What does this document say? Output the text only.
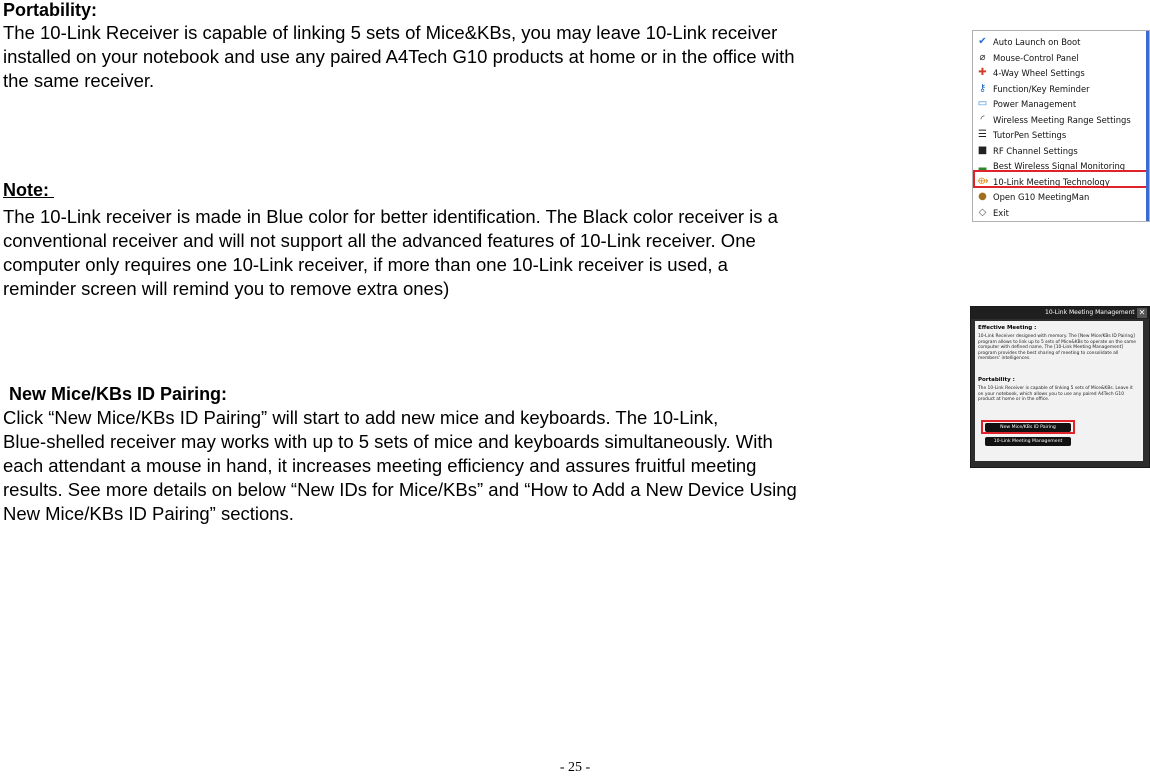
Portability:
The 10-Link Receiver is capable of linking 5 sets of Mice&KBs, you may leave 10-Link receiver
installed on your notebook and use any paired A4Tech G10 products at home or in the office with
the same receiver.
Note:
The 10-Link receiver is made in Blue color for better identification. The Black color receiver is a
conventional receiver and will not support all the advanced features of 10-Link receiver. One
computer only requires one 10-Link receiver, if more than one 10-Link receiver is used, a
reminder screen will remind you to remove extra ones)
New Mice/KBs ID Pairing:
Click “New Mice/KBs ID Pairing” will start to add new mice and keyboards. The 10-Link,
Blue-shelled receiver may works with up to 5 sets of mice and keyboards simultaneously. With
each attendant a mouse in hand, it increases meeting efficiency and assures fruitful meeting
results. See more details on below “New IDs for Mice/KBs” and “How to Add a New Device Using
New Mice/KBs ID Pairing” sections.
✔ Auto Launch on Boot
⌀ Mouse-Control Panel
✚ 4-Way Wheel Settings
⚷ Function/Key Reminder
▭ Power Management
◜	Wireless Meeting Range Settings
☰ TutorPen Settings
■ RF Channel Settings
▂ Best Wireless Signal Monitoring
⟴ 10-Link Meeting Technology
● Open G10 MeetingMan
◇ Exit
10-Link Meeting Management ✕
Effective Meeting :
10-Link Receiver designed with memory. The [New Mice/KBs ID Pairing] program allows to link up to 5 sets of Mice&KBs to operate on the same computer with defined name, The [10-Link Meeting Management] program provides the best sharing of meeting to consolidate all members' intelligences.
Portability :
The 10-Link Receiver is capable of linking 5 sets of Mice&KBs. Leave it on your notebook, which allows you to use any paired A4Tech G10 product at home or in the office.
New Mice/KBs ID Pairing
10-Link Meeting Management
- 25 -
